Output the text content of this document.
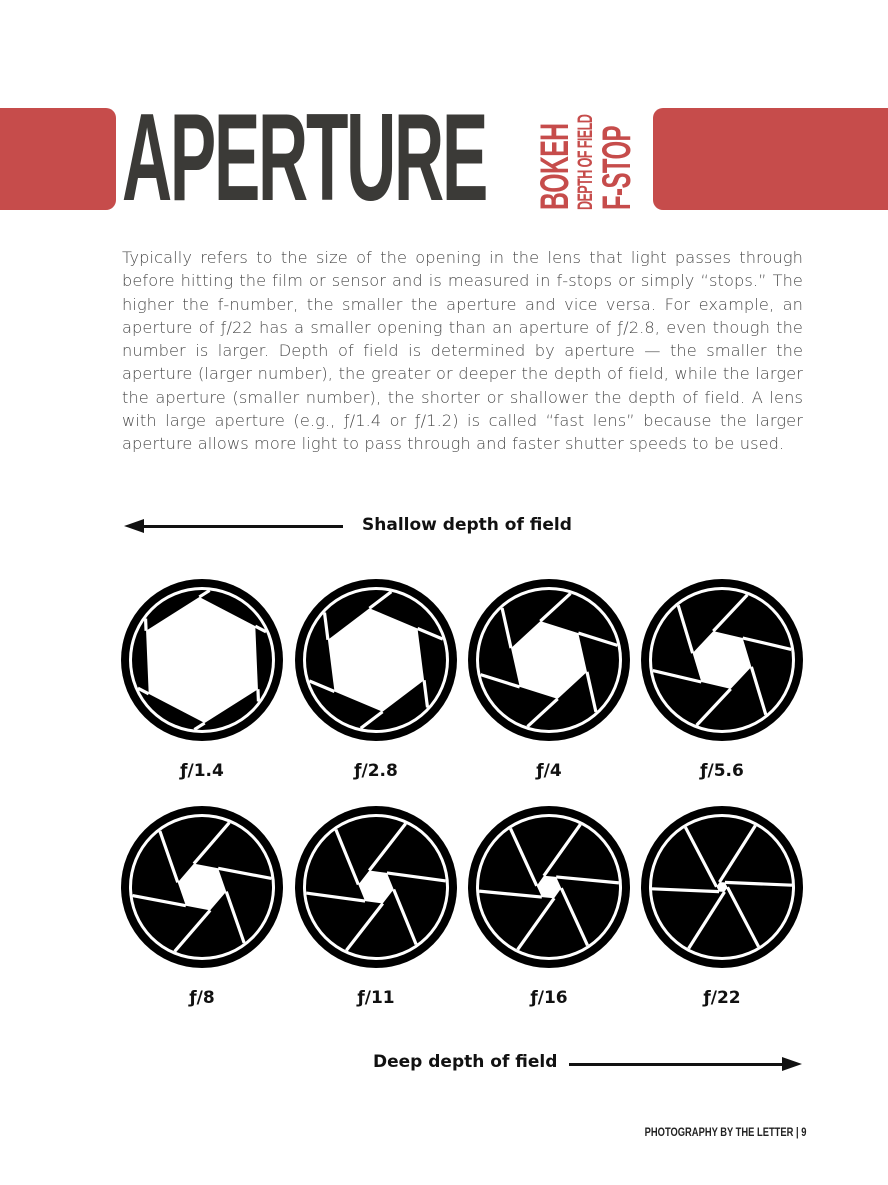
APERTURE BOKEH
DEPTH OF FIELD
F-STOP
Typically refers to the size of the opening in the lens that light passes through before hitting the film or sensor and is measured in f-stops or simply “stops.” The higher the f-number, the smaller the aperture and vice versa. For example, an aperture of ƒ/22 has a smaller opening than an aperture of ƒ/2.8, even though the number is larger. Depth of field is determined by aperture — the smaller the aperture (larger number), the greater or deeper the depth of field, while the larger the aperture (smaller number), the shorter or shallower the depth of field. A lens with large aperture (e.g., ƒ/1.4 or ƒ/1.2) is called “fast lens” because the larger aperture allows more light to pass through and faster shutter speeds to be used.
Shallow depth of field
ƒ/1.4	ƒ/2.8	ƒ/4	ƒ/5.6
ƒ/8	ƒ/11	ƒ/16	ƒ/22
Deep depth of field
PHOTOGRAPHY BY THE LETTER | 9
